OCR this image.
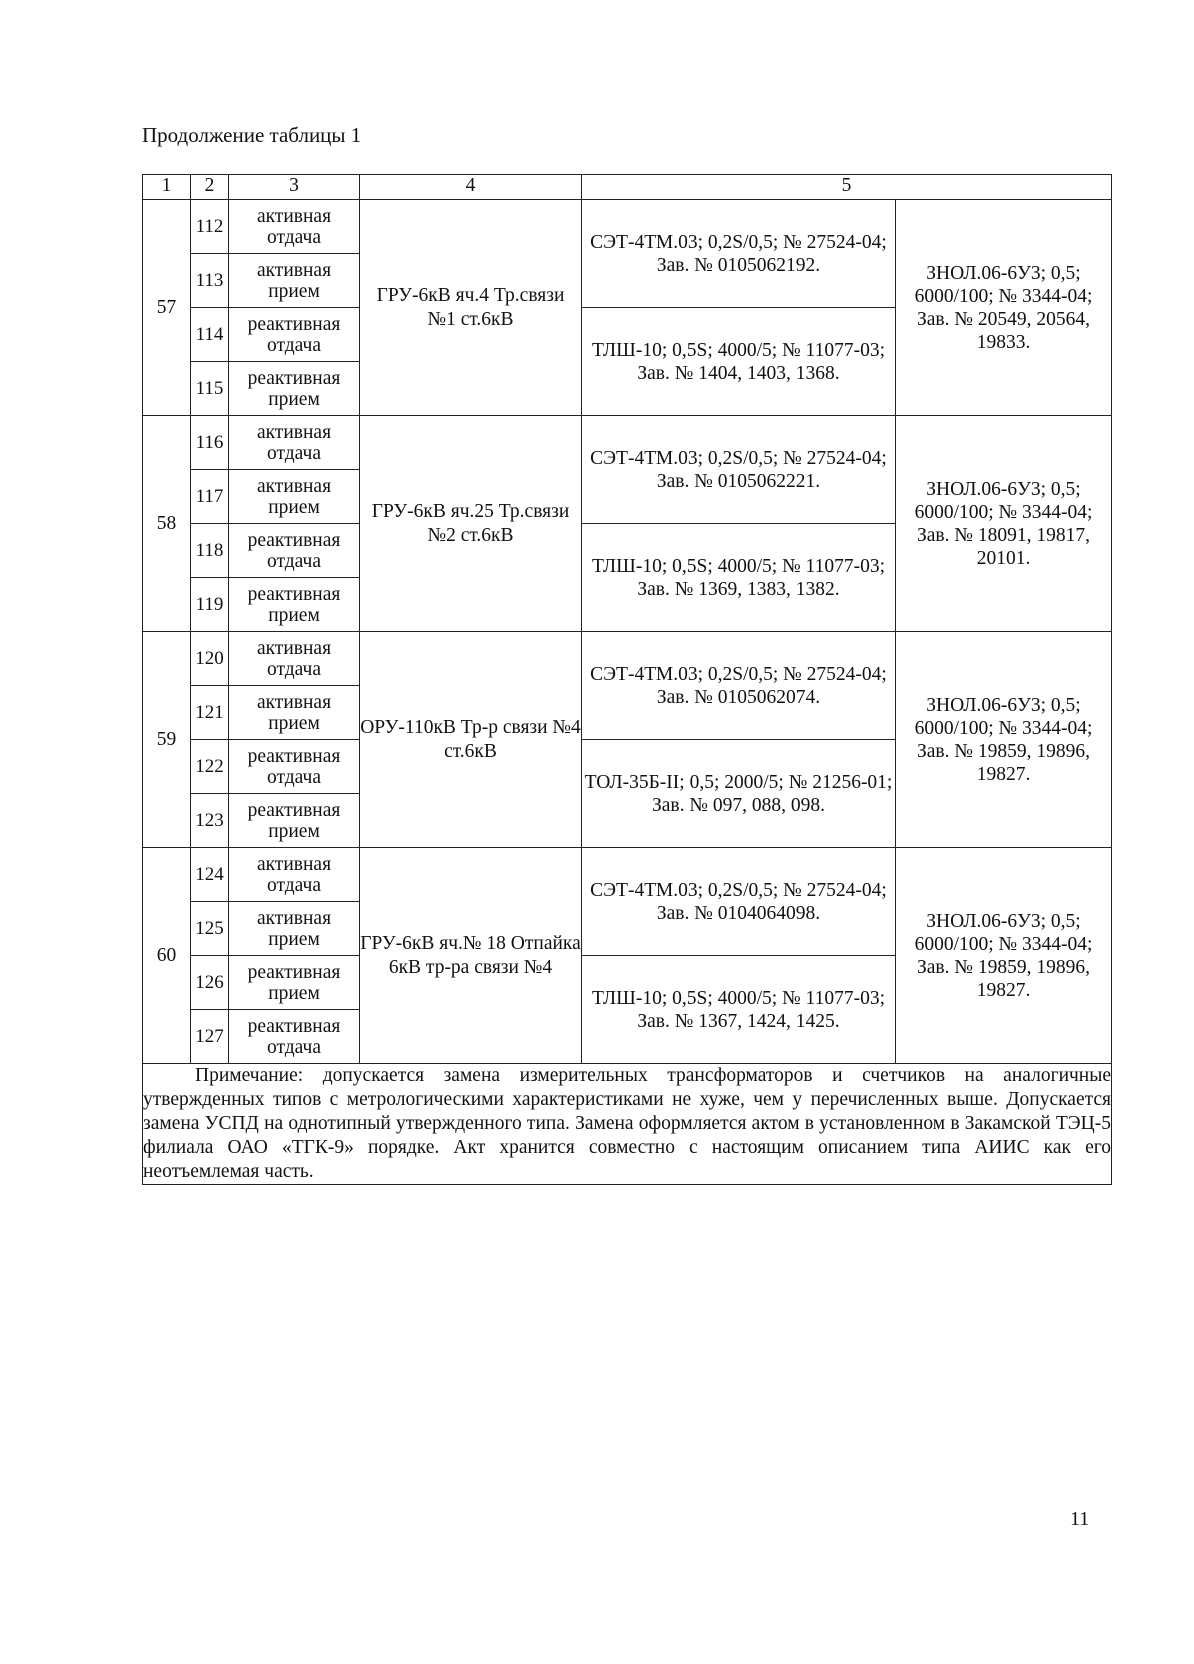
Продолжение таблицы 1
1	2	3	4	5	
57	112	активная отдача	ГРУ-6кВ яч.4 Тр.связи №1 ст.6кВ	СЭТ-4ТМ.03; 0,2S/0,5; № 27524-04; Зав. № 0105062192.	ЗНОЛ.06-6У3; 0,5; 6000/100; № 3344-04; Зав. № 20549, 20564, 19833.
	113	активная прием			
	114	реактивная отдача		ТЛШ-10; 0,5S; 4000/5; № 11077-03; Зав. № 1404, 1403, 1368.	
	115	реактивная прием			
58	116	активная отдача	ГРУ-6кВ яч.25 Тр.связи №2 ст.6кВ	СЭТ-4ТМ.03; 0,2S/0,5; № 27524-04; Зав. № 0105062221.	ЗНОЛ.06-6У3; 0,5; 6000/100; № 3344-04; Зав. № 18091, 19817, 20101.
	117	активная прием			
	118	реактивная отдача		ТЛШ-10; 0,5S; 4000/5; № 11077-03; Зав. № 1369, 1383, 1382.	
	119	реактивная прием			
59	120	активная отдача	ОРУ-110кВ Тр-р связи №4 ст.6кВ	СЭТ-4ТМ.03; 0,2S/0,5; № 27524-04; Зав. № 0105062074.	ЗНОЛ.06-6У3; 0,5; 6000/100; № 3344-04; Зав. № 19859, 19896, 19827.
	121	активная прием			
	122	реактивная отдача		ТОЛ-35Б-II; 0,5; 2000/5; № 21256-01; Зав. № 097, 088, 098.	
	123	реактивная прием			
60	124	активная отдача	ГРУ-6кВ яч.№ 18 Отпайка 6кВ тр-ра связи №4	СЭТ-4ТМ.03; 0,2S/0,5; № 27524-04; Зав. № 0104064098.	ЗНОЛ.06-6У3; 0,5; 6000/100; № 3344-04; Зав. № 19859, 19896, 19827.
	125	активная прием			
	126	реактивная прием		ТЛШ-10; 0,5S; 4000/5; № 11077-03; Зав. № 1367, 1424, 1425.	
	127	реактивная отдача			

Примечание: допускается замена измерительных трансформаторов и счетчиков на аналогичные утвержденных типов с метрологическими характеристиками не хуже, чем у перечисленных выше. Допускается замена УСПД на однотипный утвержденного типа. Замена оформляется актом в установленном в Закамской ТЭЦ-5 филиала ОАО «ТГК-9» порядке. Акт хранится совместно с настоящим описанием типа АИИС как его неотъемлемая часть.					
11
